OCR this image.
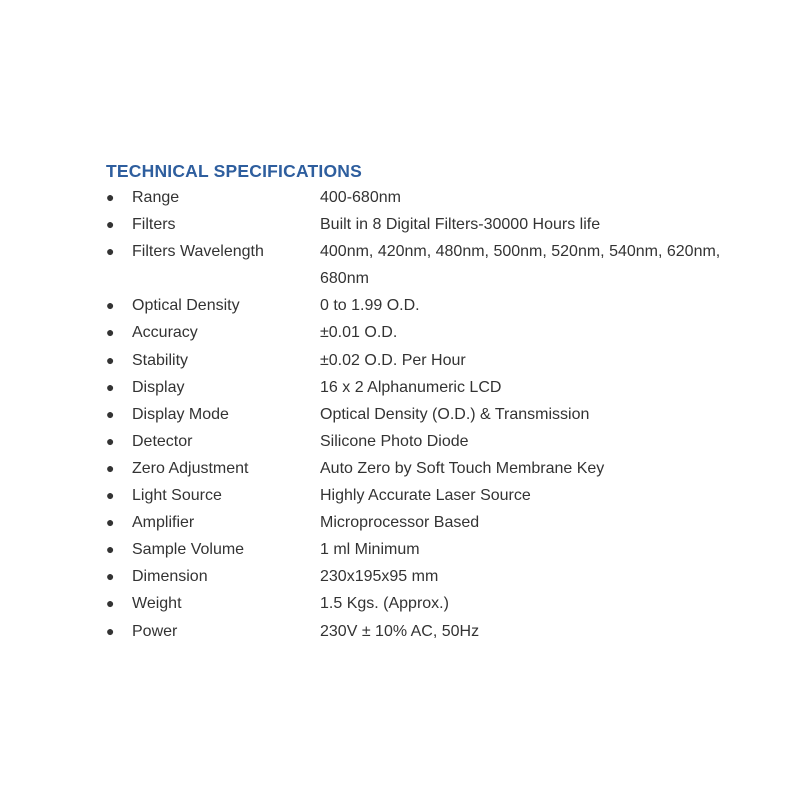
TECHNICAL SPECIFICATIONS
●	Range	400-680nm
●	Filters	Built in 8 Digital Filters-30000 Hours life
●	Filters Wavelength	400nm, 420nm, 480nm, 500nm, 520nm, 540nm, 620nm, 680nm
●	Optical Density	0 to 1.99 O.D.
●	Accuracy	±0.01 O.D.
●	Stability	±0.02 O.D. Per Hour
●	Display	16 x 2 Alphanumeric LCD
●	Display Mode	Optical Density (O.D.) & Transmission
●	Detector	Silicone Photo Diode
●	Zero Adjustment	Auto Zero by Soft Touch Membrane Key
●	Light Source	Highly Accurate Laser Source
●	Amplifier	Microprocessor Based
●	Sample Volume	1 ml Minimum
●	Dimension	230x195x95 mm
●	Weight	1.5 Kgs. (Approx.)
●	Power	230V ± 10% AC, 50Hz
